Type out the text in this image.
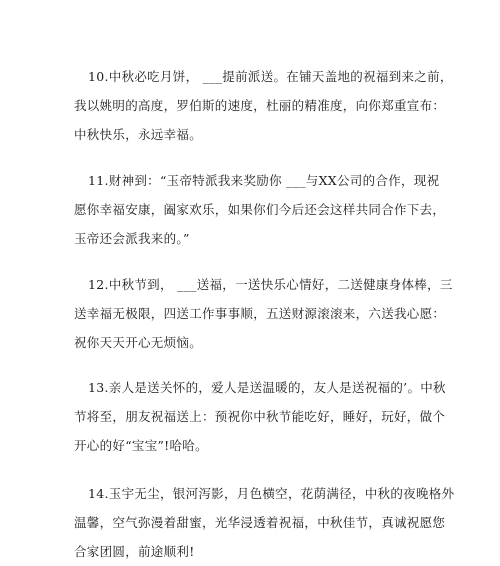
10.中秋必吃月饼， ___提前派送。在铺天盖地的祝福到来之前，
我以姚明的高度，罗伯斯的速度，杜丽的精准度，向你郑重宣布：
中秋快乐，永远幸福。
11.财神到：“玉帝特派我来奖励你 ___与XX公司的合作，现祝
愿你幸福安康，阖家欢乐，如果你们今后还会这样共同合作下去，
玉帝还会派我来的。”
12.中秋节到， ___送福，一送快乐心情好，二送健康身体棒，三
送幸福无极限，四送工作事事顺，五送财源滚滚来，六送我心愿：
祝你天天开心无烦恼。
13.亲人是送关怀的，爱人是送温暖的，友人是送祝福的’。中秋
节将至，朋友祝福送上：预祝你中秋节能吃好，睡好，玩好，做个
开心的好“宝宝”!哈哈。
14.玉宇无尘，银河泻影，月色横空，花荫满径，中秋的夜晚格外
温馨，空气弥漫着甜蜜，光华浸透着祝福，中秋佳节，真诚祝愿您
合家团圆，前途顺利!
